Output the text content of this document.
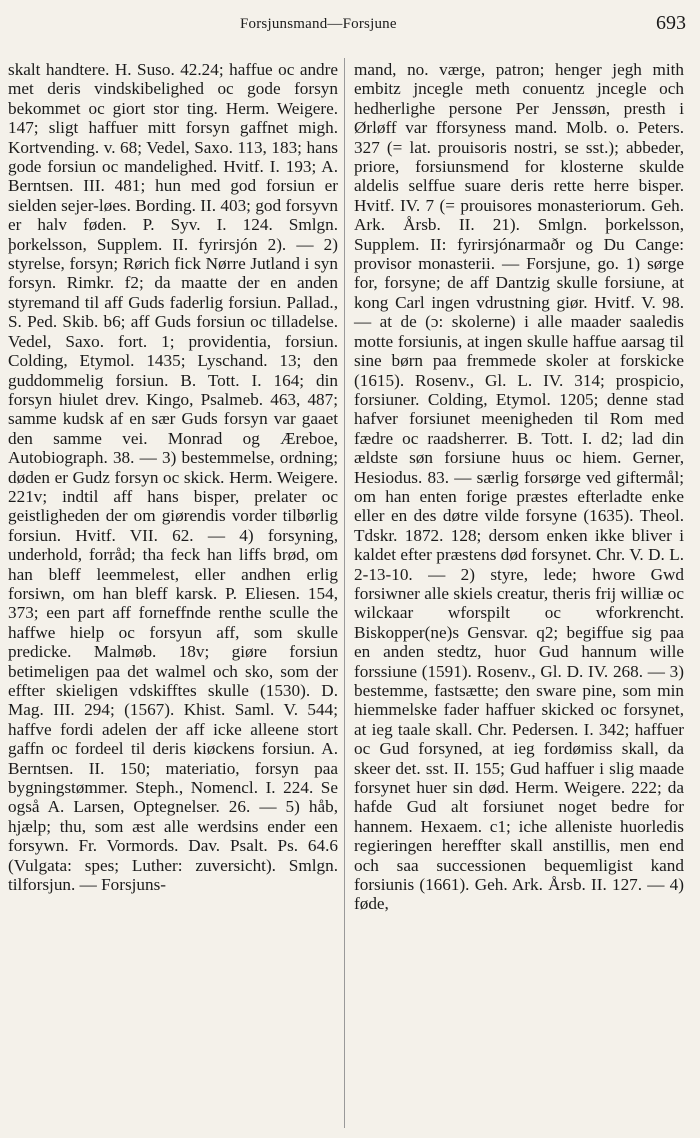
Forsjunsmand—Forsjune	693

skalt handtere. H. Suso. 42.24; haffue oc andre met deris vindskibelighed oc gode forsyn bekommet oc giort stor ting. Herm. Weigere. 147; sligt haffuer mitt forsyn gaffnet migh. Kortvending. v. 68; Vedel, Saxo. 113, 183; hans gode forsiun oc mandelighed. Hvitf. I. 193; A. Berntsen. III. 481; hun med god forsiun er sielden sejer-løes. Bording. II. 403; god forsyvn er halv føden. P. Syv. I. 124. Smlgn. þorkelsson, Supplem. II. fyrirsjón 2). — 2) styrelse, forsyn; Rørich fick Nørre Jutland i syn forsyn. Rimkr. f2; da maatte der en anden styremand til aff Guds faderlig forsiun. Pallad., S. Ped. Skib. b6; aff Guds forsiun oc tilladelse. Vedel, Saxo. fort. 1; providentia, forsiun. Colding, Etymol. 1435; Lyschand. 13; den guddommelig forsiun. B. Tott. I. 164; din forsyn hiulet drev. Kingo, Psalmeb. 463, 487; samme kudsk af en sær Guds forsyn var gaaet den samme vei. Monrad og Æreboe, Autobiograph. 38. — 3) bestemmelse, ordning; døden er Gudz forsyn oc skick. Herm. Weigere. 221v; indtil aff hans bisper, prelater oc geistligheden der om giørendis vorder tilbørlig forsiun. Hvitf. VII. 62. — 4) forsyning, underhold, forråd; tha feck han liffs brød, om han bleff leemmelest, eller andhen erlig forsiwn, om han bleff karsk. P. Eliesen. 154, 373; een part aff forneffnde renthe sculle the haffwe hielp oc forsyun aff, som skulle predicke. Malmøb. 18v; giøre forsiun betimeligen paa det walmel och sko, som der effter skieligen vdskifftes skulle (1530). D. Mag. III. 294; (1567). Khist. Saml. V. 544; haffve fordi adelen der aff icke alleene stort gaffn oc fordeel til deris kiøckens forsiun. A. Berntsen. II. 150; materiatio, forsyn paa bygningstømmer. Steph., Nomencl. I. 224. Se også A. Larsen, Optegnelser. 26. — 5) håb, hjælp; thu, som æst alle werdsins ender een forsywn. Fr. Vormords. Dav. Psalt. Ps. 64.6 (Vulgata: spes; Luther: zuversicht). Smlgn. tilforsjun. — Forsjuns-

mand, no. værge, patron; henger jegh mith embitz jncegle meth conuentz jncegle och hedherlighe persone Per Jenssøn, presth i Ørløff var fforsyness mand. Molb. o. Peters. 327 (= lat. prouisoris nostri, se sst.); abbeder, priore, forsiunsmend for klosterne skulde aldelis selffue suare deris rette herre bisper. Hvitf. IV. 7 (= prouisores monasteriorum. Geh. Ark. Årsb. II. 21). Smlgn. þorkelsson, Supplem. II: fyrirsjónarmaðr og Du Cange: provisor monasterii. — Forsjune, go. 1) sørge for, forsyne; de aff Dantzig skulle forsiune, at kong Carl ingen vdrustning giør. Hvitf. V. 98. — at de (ɔ: skolerne) i alle maader saaledis motte forsiunis, at ingen skulle haffue aarsag til sine børn paa fremmede skoler at forskicke (1615). Rosenv., Gl. L. IV. 314; prospicio, forsiuner. Colding, Etymol. 1205; denne stad hafver forsiunet meenigheden til Rom med fædre oc raadsherrer. B. Tott. I. d2; lad din ældste søn forsiune huus oc hiem. Gerner, Hesiodus. 83. — særlig forsørge ved giftermål; om han enten forige præstes efterladte enke eller en des døtre vilde forsyne (1635). Theol. Tdskr. 1872. 128; dersom enken ikke bliver i kaldet efter præstens død forsynet. Chr. V. D. L. 2-13-10. — 2) styre, lede; hwore Gwd forsiwner alle skiels creatur, theris frij williæ oc wilckaar wforspilt oc wforkrencht. Biskopper(ne)s Gensvar. q2; begiffue sig paa en anden stedtz, huor Gud hannum wille forssiune (1591). Rosenv., Gl. D. IV. 268. — 3) bestemme, fastsætte; den sware pine, som min hiemmelske fader haffuer skicked oc forsynet, at ieg taale skall. Chr. Pedersen. I. 342; haffuer oc Gud forsyned, at ieg fordømiss skall, da skeer det. sst. II. 155; Gud haffuer i slig maade forsynet huer sin død. Herm. Weigere. 222; da hafde Gud alt forsiunet noget bedre for hannem. Hexaem. c1; iche alleniste huorledis regieringen hereffter skall anstillis, men end och saa successionen bequemligist kand forsiunis (1661). Geh. Ark. Årsb. II. 127. — 4) føde,
